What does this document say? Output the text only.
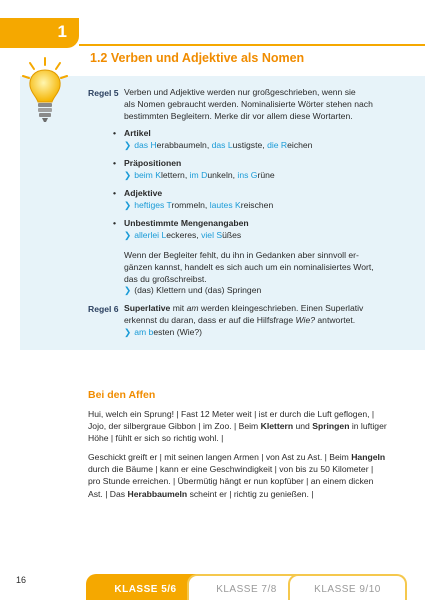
1
1.2 Verben und Adjektive als Nomen
Regel 5 Verben und Adjektive werden nur großgeschrieben, wenn sie
als Nomen gebraucht werden. Nominalisierte Wörter stehen nach
bestimmten Begleitern. Merke dir vor allem diese Wortarten.
• Artikel
❯ das Herabbaumeln, das Lustigste, die Reichen
• Präpositionen
❯ beim Klettern, im Dunkeln, ins Grüne
• Adjektive
❯ heftiges Trommeln, lautes Kreischen
• Unbestimmte Mengenangaben
❯ allerlei Leckeres, viel Süßes
Wenn der Begleiter fehlt, du ihn in Gedanken aber sinnvoll er-
gänzen kannst, handelt es sich auch um ein nominalisiertes Wort,
das du großschreibst.
❯ (das) Klettern und (das) Springen
Regel 6 Superlative mit am werden kleingeschrieben. Einen Superlativ
erkennst du daran, dass er auf die Hilfsfrage Wie? antwortet.
❯ am besten (Wie?)
Bei den Affen
Hui, welch ein Sprung! | Fast 12 Meter weit | ist er durch die Luft geflogen, |
Jojo, der silbergraue Gibbon | im Zoo. | Beim Klettern und Springen in luftiger
Höhe | fühlt er sich so richtig wohl. |
Geschickt greift er | mit seinen langen Armen | von Ast zu Ast. | Beim Hangeln
durch die Bäume | kann er eine Geschwindigkeit | von bis zu 50 Kilometer |
pro Stunde erreichen. | Übermütig hängt er nun kopfüber | an einem dicken
Ast. | Das Herabbaumeln scheint er | richtig zu genießen. |
16
KLASSE 5/6	KLASSE 7/8	KLASSE 9/10
